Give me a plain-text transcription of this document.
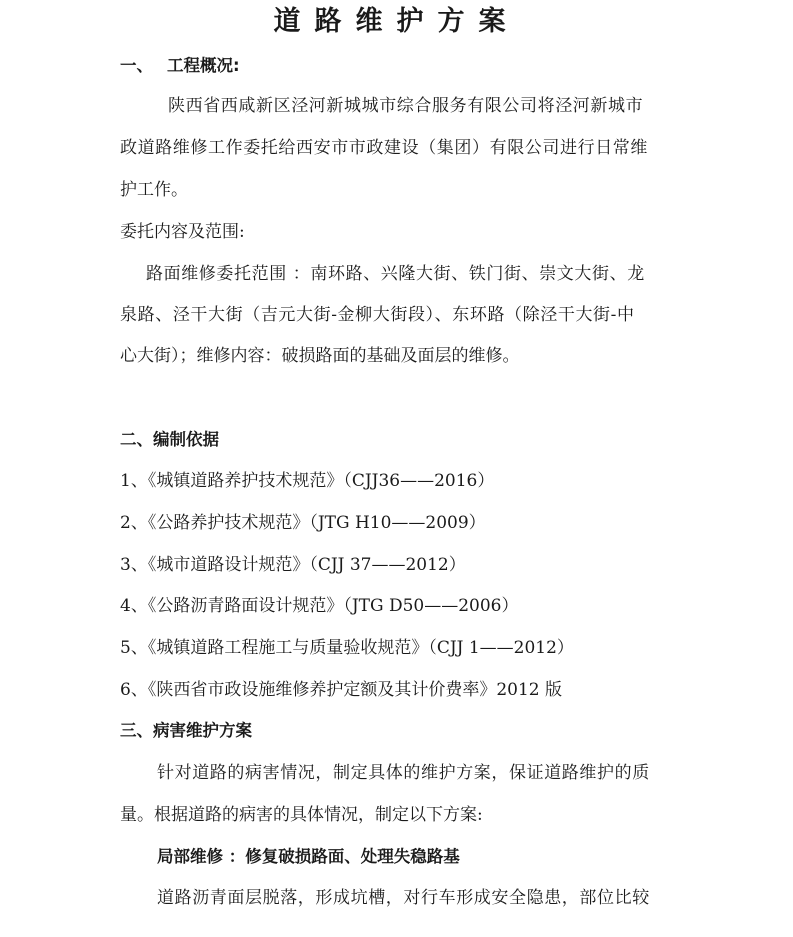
道路维护方案
一、 工程概况:
陕西省西咸新区泾河新城城市综合服务有限公司将泾河新城市
政道路维修工作委托给西安市市政建设（集团）有限公司进行日常维
护工作。
委托内容及范围:
路面维修委托范围 ：南环路、兴隆大街、铁门街、崇文大街、龙
泉路、泾干大街（吉元大街-金柳大街段）、东环路（除泾干大街-中
心大街）；维修内容：破损路面的基础及面层的维修。
二、编制依据
1、《城镇道路养护技术规范》（CJJ36——2016）
2、《公路养护技术规范》（JTG H10——2009）
3、《城市道路设计规范》（CJJ 37——2012）
4、《公路沥青路面设计规范》（JTG D50——2006）
5、《城镇道路工程施工与质量验收规范》（CJJ 1——2012）
6、《陕西省市政设施维修养护定额及其计价费率》2012 版
三、病害维护方案
针对道路的病害情况，制定具体的维护方案，保证道路维护的质
量。根据道路的病害的具体情况，制定以下方案:
局部维修 ：修复破损路面、处理失稳路基
道路沥青面层脱落，形成坑槽，对行车形成安全隐患，部位比较
